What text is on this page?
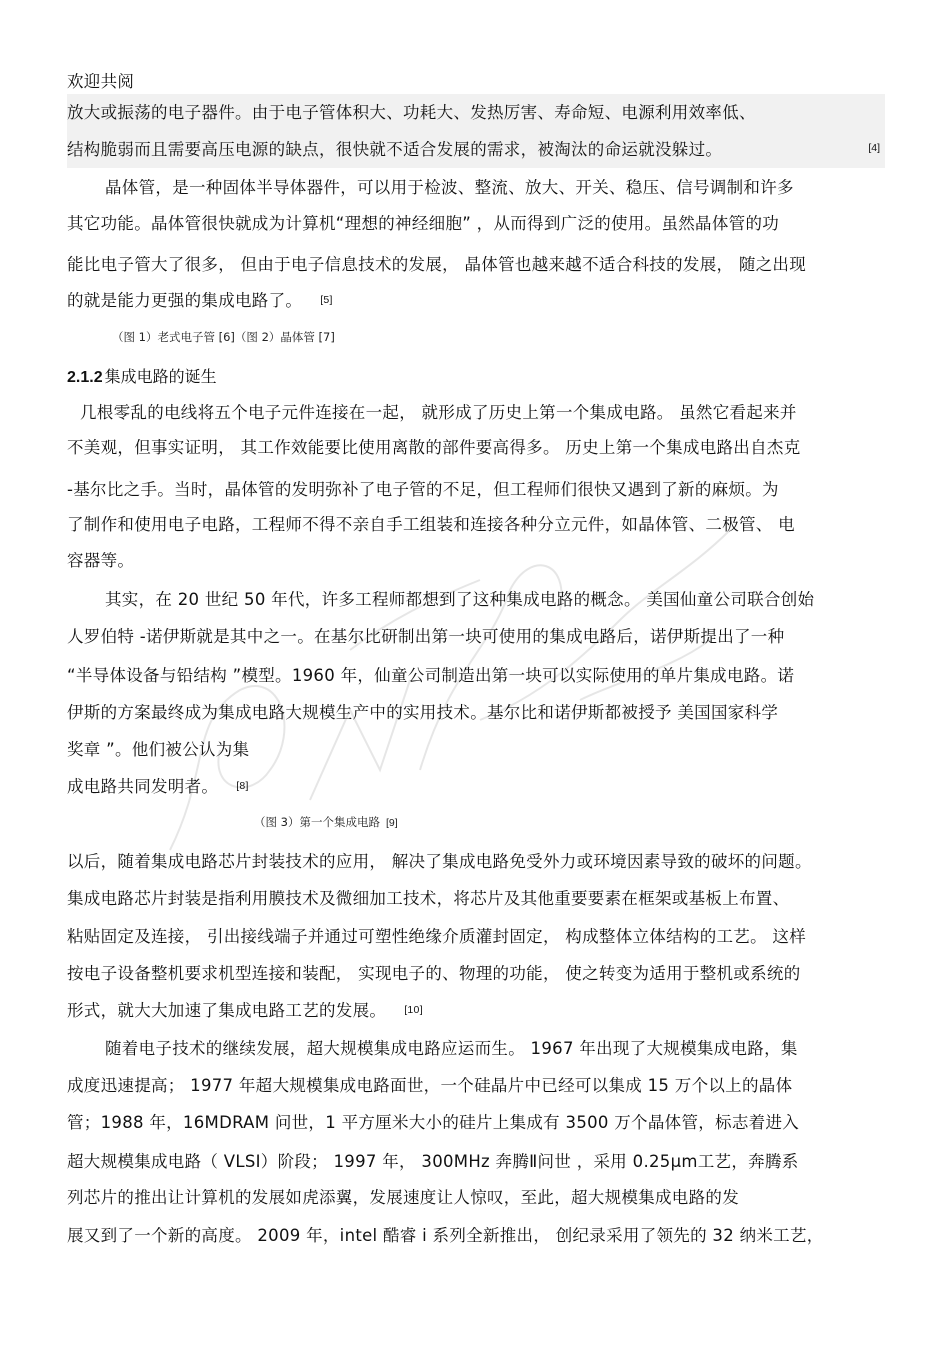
欢迎共阅
放大或振荡的电子器件。由于电子管体积大、功耗大、发热厉害、寿命短、电源利用效率低、
结构脆弱而且需要高压电源的缺点，很快就不适合发展的需求，被淘汰的命运就没躲过。	[4]
晶体管，是一种固体半导体器件，可以用于检波、整流、放大、开关、稳压、信号调制和许多
其它功能。晶体管很快就成为计算机“理想的神经细胞” ，从而得到广泛的使用。虽然晶体管的功
能比电子管大了很多， 但由于电子信息技术的发展， 晶体管也越来越不适合科技的发展， 随之出现
的就是能力更强的集成电路了。 [5]
（图 1）老式电子管 [6]（图 2）晶体管 [7]
2.1.2 集成电路的诞生
几根零乱的电线将五个电子元件连接在一起， 就形成了历史上第一个集成电路。 虽然它看起来并
不美观，但事实证明， 其工作效能要比使用离散的部件要高得多。 历史上第一个集成电路出自杰克
-基尔比之手。当时，晶体管的发明弥补了电子管的不足，但工程师们很快又遇到了新的麻烦。为
了制作和使用电子电路，工程师不得不亲自手工组装和连接各种分立元件，如晶体管、二极管、 电
容器等。
其实，在 20 世纪 50 年代，许多工程师都想到了这种集成电路的概念。 美国仙童公司联合创始
人罗伯特 -诺伊斯就是其中之一。在基尔比研制出第一块可使用的集成电路后，诺伊斯提出了一种
“半导体设备与铅结构 ”模型。1960 年，仙童公司制造出第一块可以实际使用的单片集成电路。诺
伊斯的方案最终成为集成电路大规模生产中的实用技术。基尔比和诺伊斯都被授予 美国国家科学
奖章 ”。他们被公认为集
成电路共同发明者。 [8]
（图 3）第一个集成电路 [9]
以后，随着集成电路芯片封装技术的应用， 解决了集成电路免受外力或环境因素导致的破坏的问题。
集成电路芯片封装是指利用膜技术及微细加工技术，将芯片及其他重要要素在框架或基板上布置、
粘贴固定及连接， 引出接线端子并通过可塑性绝缘介质灌封固定， 构成整体立体结构的工艺。 这样
按电子设备整机要求机型连接和装配， 实现电子的、物理的功能， 使之转变为适用于整机或系统的
形式，就大大加速了集成电路工艺的发展。 [10]
随着电子技术的继续发展，超大规模集成电路应运而生。 1967 年出现了大规模集成电路，集
成度迅速提高； 1977 年超大规模集成电路面世，一个硅晶片中已经可以集成 15 万个以上的晶体
管；1988 年，16MDRAM 问世，1 平方厘米大小的硅片上集成有 3500 万个晶体管，标志着进入
超大规模集成电路（ VLSI）阶段； 1997 年， 300MHz 奔腾Ⅱ问世 ，采用 0.25μm工艺，奔腾系
列芯片的推出让计算机的发展如虎添翼，发展速度让人惊叹，至此，超大规模集成电路的发
展又到了一个新的高度。 2009 年，intel 酷睿 i 系列全新推出， 创纪录采用了领先的 32 纳米工艺，
